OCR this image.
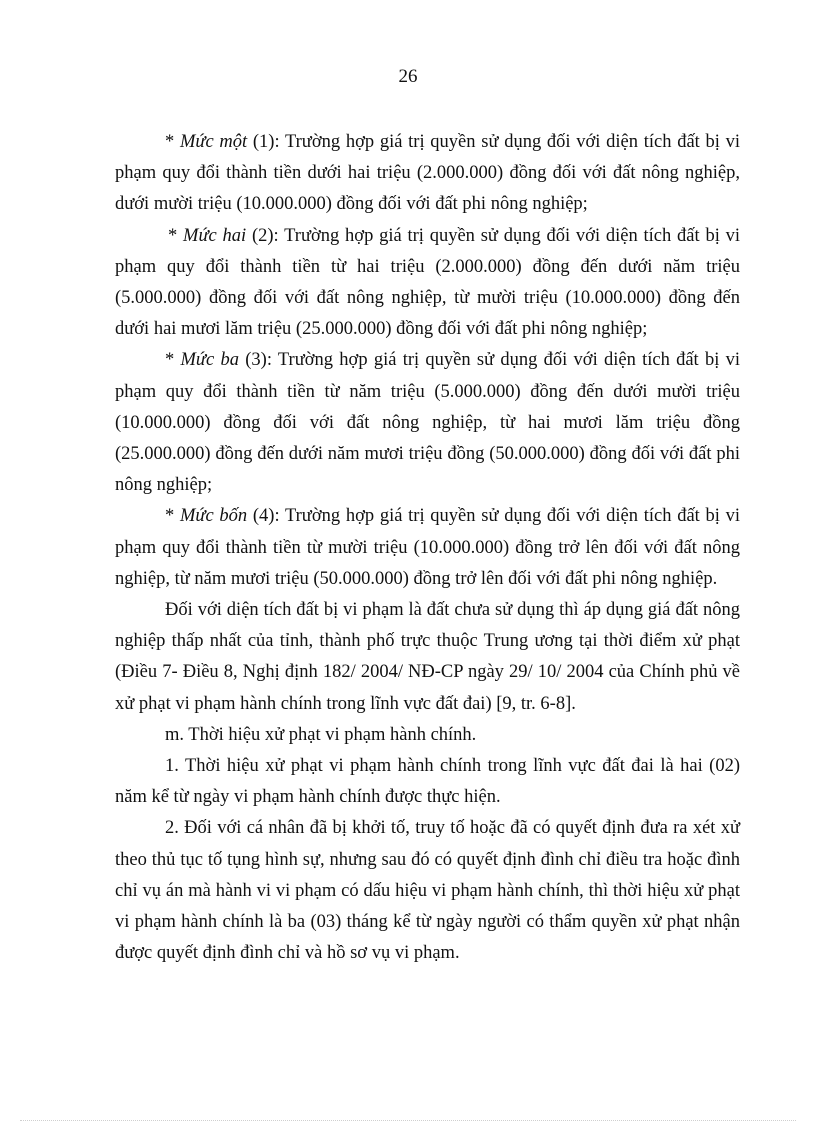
26

* Mức một (1): Trường hợp giá trị quyền sử dụng đối với diện tích đất bị vi phạm quy đổi thành tiền dưới hai triệu (2.000.000) đồng đối với đất nông nghiệp, dưới mười triệu (10.000.000) đồng đối với đất phi nông nghiệp;

* Mức hai (2): Trường hợp giá trị quyền sử dụng đối với diện tích đất bị vi phạm quy đổi thành tiền từ hai triệu (2.000.000) đồng đến dưới năm triệu (5.000.000) đồng đối với đất nông nghiệp, từ mười triệu (10.000.000) đồng đến dưới hai mươi lăm triệu (25.000.000) đồng đối với đất phi nông nghiệp;

* Mức ba (3): Trường hợp giá trị quyền sử dụng đối với diện tích đất bị vi phạm quy đổi thành tiền từ năm triệu (5.000.000) đồng đến dưới mười triệu (10.000.000) đồng đối với đất nông nghiệp, từ hai mươi lăm triệu đồng (25.000.000) đồng đến dưới năm mươi triệu đồng (50.000.000) đồng đối với đất phi nông nghiệp;

* Mức bốn (4): Trường hợp giá trị quyền sử dụng đối với diện tích đất bị vi phạm quy đổi thành tiền từ mười triệu (10.000.000) đồng trở lên đối với đất nông nghiệp, từ năm mươi triệu (50.000.000) đồng trở lên đối với đất phi nông nghiệp.

Đối với diện tích đất bị vi phạm là đất chưa sử dụng thì áp dụng giá đất nông nghiệp thấp nhất của tỉnh, thành phố trực thuộc Trung ương tại thời điểm xử phạt (Điều 7- Điều 8, Nghị định 182/ 2004/ NĐ-CP ngày 29/ 10/ 2004 của Chính phủ về xử phạt vi phạm hành chính trong lĩnh vực đất đai) [9, tr. 6-8].

m. Thời hiệu xử phạt vi phạm hành chính.

1. Thời hiệu xử phạt vi phạm hành chính trong lĩnh vực đất đai là hai (02) năm kể từ ngày vi phạm hành chính được thực hiện.

2. Đối với cá nhân đã bị khởi tố, truy tố hoặc đã có quyết định đưa ra xét xử theo thủ tục tố tụng hình sự, nhưng sau đó có quyết định đình chỉ điều tra hoặc đình chỉ vụ án mà hành vi vi phạm có dấu hiệu vi phạm hành chính, thì thời hiệu xử phạt vi phạm hành chính là ba (03) tháng kể từ ngày người có thẩm quyền xử phạt nhận được quyết định đình chỉ và hồ sơ vụ vi phạm.
